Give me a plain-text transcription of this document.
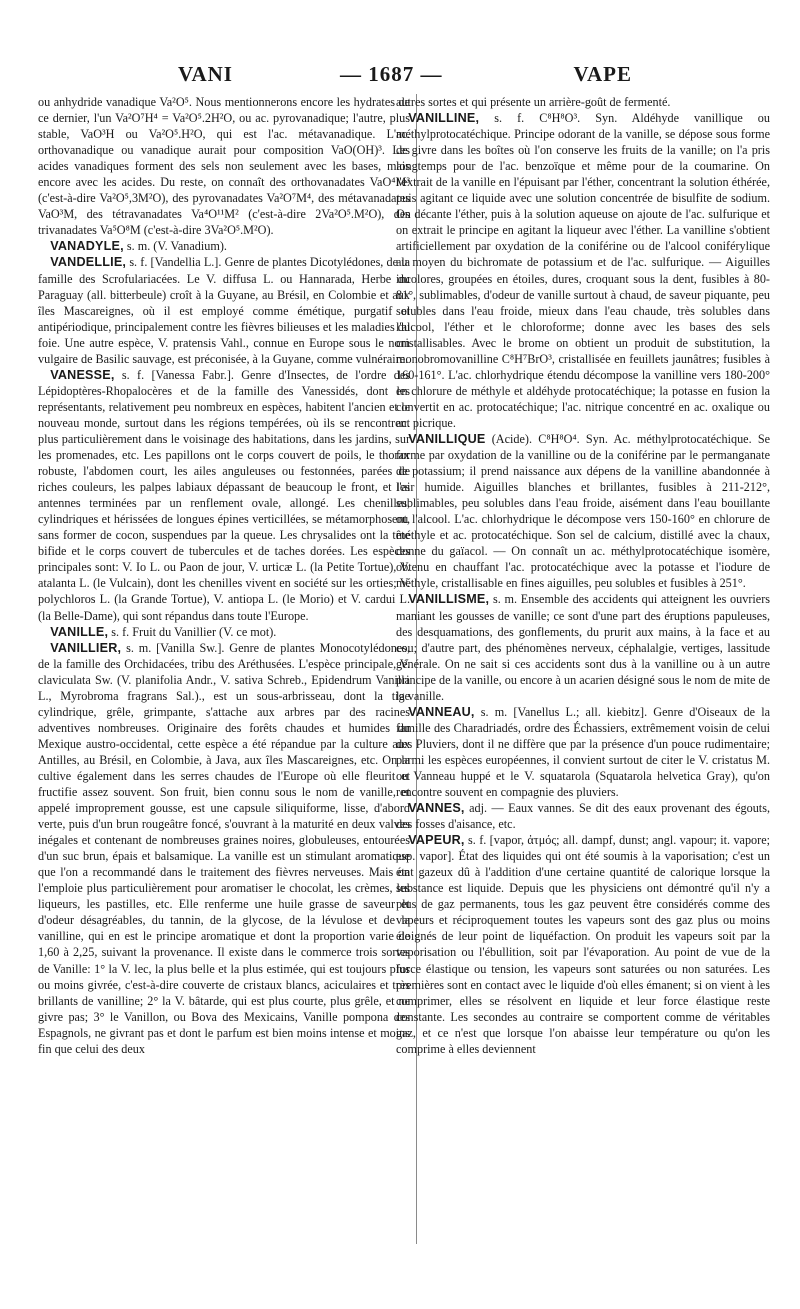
VANI	— 1687 —	VAPE

ou anhydride vanadique Va²O⁵. Nous mentionnerons encore les hydrates de ce dernier, l'un Va²O⁷H⁴ = Va²O⁵.2H²O, ou ac. pyrovanadique; l'autre, plus stable, VaO³H ou Va²O⁵.H²O, qui est l'ac. métavanadique. L'ac. orthovanadique ou vanadique aurait pour composition VaO(OH)³. Les acides vanadiques forment des sels non seulement avec les bases, mais encore avec les acides. Du reste, on connaît des orthovanadates VaO⁴M³ (c'est-à-dire Va²O⁵,3M²O), des pyrovanadates Va²O⁷M⁴, des métavanadates VaO³M, des tétravanadates Va⁴O¹¹M² (c'est-à-dire 2Va²O⁵.M²O), des trivanadates Va⁵O⁸M (c'est-à-dire 3Va²O⁵.M²O).

 VANADYLE, s. m. (V. Vanadium).

 VANDELLIE, s. f. [Vandellia L.]. Genre de plantes Dicotylédones, de la famille des Scrofulariacées. Le V. diffusa L. ou Hannarada, Herbe du Paraguay (all. bitterbeule) croît à la Guyane, au Brésil, en Colombie et aux îles Mascareignes, où il est employé comme émétique, purgatif et antipériodique, principalement contre les fièvres bilieuses et les maladies du foie. Une autre espèce, V. pratensis Vahl., connue en Europe sous le nom vulgaire de Basilic sauvage, est préconisée, à la Guyane, comme vulnéraire.

 VANESSE, s. f. [Vanessa Fabr.]. Genre d'Insectes, de l'ordre des Lépidoptères-Rhopalocères et de la famille des Vanessidés, dont les représentants, relativement peu nombreux en espèces, habitent l'ancien et le nouveau monde, surtout dans les régions tempérées, où ils se rencontrent plus particulièrement dans le voisinage des habitations, dans les jardins, sur les promenades, etc. Les papillons ont le corps couvert de poils, le thorax robuste, l'abdomen court, les ailes anguleuses ou festonnées, parées de riches couleurs, les palpes labiaux dépassant de beaucoup le front, et les antennes terminées par un renflement ovale, allongé. Les chenilles, cylindriques et hérissées de longues épines verticillées, se métamorphosent, sans former de cocon, suspendues par la queue. Les chrysalides ont la tête bifide et le corps couvert de tubercules et de taches dorées. Les espèces principales sont: V. Io L. ou Paon de jour, V. urticæ L. (la Petite Tortue), V. atalanta L. (le Vulcain), dont les chenilles vivent en société sur les orties; V. polychloros L. (la Grande Tortue), V. antiopa L. (le Morio) et V. cardui L. (la Belle-Dame), qui sont répandus dans toute l'Europe.

 VANILLE, s. f. Fruit du Vanillier (V. ce mot).

 VANILLIER, s. m. [Vanilla Sw.]. Genre de plantes Monocotylédones, de la famille des Orchidacées, tribu des Aréthusées. L'espèce principale, V. claviculata Sw. (V. planifolia Andr., V. sativa Schreb., Epidendrum Vanilla L., Myrobroma fragrans Sal.)., est un sous-arbrisseau, dont la tige cylindrique, grêle, grimpante, s'attache aux arbres par des racines adventives nombreuses. Originaire des forêts chaudes et humides du Mexique austro-occidental, cette espèce a été répandue par la culture aux Antilles, au Brésil, en Colombie, à Java, aux îles Mascareignes, etc. On la cultive également dans les serres chaudes de l'Europe où elle fleurit et fructifie assez souvent. Son fruit, bien connu sous le nom de vanille, et appelé improprement gousse, est une capsule siliquiforme, lisse, d'abord verte, puis d'un brun rougeâtre foncé, s'ouvrant à la maturité en deux valves inégales et contenant de nombreuses graines noires, globuleuses, entourées d'un suc brun, épais et balsamique. La vanille est un stimulant aromatique que l'on a recommandé dans le traitement des fièvres nerveuses. Mais on l'emploie plus particulièrement pour aromatiser le chocolat, les crèmes, les liqueurs, les pastilles, etc. Elle renferme une huile grasse de saveur et d'odeur désagréables, du tannin, de la glycose, de la lévulose et de la vanilline, qui en est le principe aromatique et dont la proportion varie de 1,60 à 2,25, suivant la provenance. Il existe dans le commerce trois sortes de Vanille: 1° la V. lec, la plus belle et la plus estimée, qui est toujours plus ou moins givrée, c'est-à-dire couverte de cristaux blancs, aciculaires et très brillants de vanilline; 2° la V. bâtarde, qui est plus courte, plus grêle, et ne givre pas; 3° le Vanillon, ou Bova des Mexicains, Vanille pompona des Espagnols, ne givrant pas et dont le parfum est bien moins intense et moins fin que celui des deux

autres sortes et qui présente un arrière-goût de fermenté.

 VANILLINE, s. f. C⁸H⁸O³. Syn. Aldéhyde vanillique ou méthylprotocatéchique. Principe odorant de la vanille, se dépose sous forme de givre dans les boîtes où l'on conserve les fruits de la vanille; on l'a pris longtemps pour de l'ac. benzoïque et même pour de la coumarine. On l'extrait de la vanille en l'épuisant par l'éther, concentrant la solution éthérée, puis agitant ce liquide avec une solution concentrée de bisulfite de sodium. On décante l'éther, puis à la solution aqueuse on ajoute de l'ac. sulfurique et on extrait le principe en agitant la liqueur avec l'éther. La vanilline s'obtient artificiellement par oxydation de la coniférine ou de l'alcool coniférylique au moyen du bichromate de potassium et de l'ac. sulfurique. — Aiguilles incolores, groupées en étoiles, dures, croquant sous la dent, fusibles à 80-81°, sublimables, d'odeur de vanille surtout à chaud, de saveur piquante, peu solubles dans l'eau froide, mieux dans l'eau chaude, très solubles dans l'alcool, l'éther et le chloroforme; donne avec les bases des sels cristallisables. Avec le brome on obtient un produit de substitution, la monobromovanilline C⁸H⁷BrO³, cristallisée en feuillets jaunâtres; fusibles à 160-161°. L'ac. chlorhydrique étendu décompose la vanilline vers 180-200° en chlorure de méthyle et aldéhyde protocatéchique; la potasse en fusion la convertit en ac. protocatéchique; l'ac. nitrique concentré en ac. oxalique ou ac. picrique.

 VANILLIQUE (Acide). C⁸H⁸O⁴. Syn. Ac. méthylprotocatéchique. Se forme par oxydation de la vanilline ou de la coniférine par le permanganate de potassium; il prend naissance aux dépens de la vanilline abandonnée à l'air humide. Aiguilles blanches et brillantes, fusibles à 211-212°, sublimables, peu solubles dans l'eau froide, aisément dans l'eau bouillante ou l'alcool. L'ac. chlorhydrique le décompose vers 150-160° en chlorure de méthyle et ac. protocatéchique. Son sel de calcium, distillé avec la chaux, donne du gaïacol. — On connaît un ac. méthylprotocatéchique isomère, obtenu en chauffant l'ac. protocatéchique avec la potasse et l'iodure de méthyle, cristallisable en fines aiguilles, peu solubles et fusibles à 251°.

 VANILLISME, s. m. Ensemble des accidents qui atteignent les ouvriers maniant les gousses de vanille; ce sont d'une part des éruptions papuleuses, des desquamations, des gonflements, du prurit aux mains, à la face et au cou; d'autre part, des phénomènes nerveux, céphalalgie, vertiges, lassitude générale. On ne sait si ces accidents sont dus à la vanilline ou à un autre principe de la vanille, ou encore à un acarien désigné sous le nom de mite de la vanille.

 VANNEAU, s. m. [Vanellus L.; all. kiebitz]. Genre d'Oiseaux de la famille des Charadriadés, ordre des Échassiers, extrêmement voisin de celui des Pluviers, dont il ne diffère que par la présence d'un pouce rudimentaire; parmi les espèces européennes, il convient surtout de citer le V. cristatus M. ou Vanneau huppé et le V. squatarola (Squatarola helvetica Gray), qu'on rencontre souvent en compagnie des pluviers.

 VANNES, adj. — Eaux vannes. Se dit des eaux provenant des égouts, des fosses d'aisance, etc.

 VAPEUR, s. f. [vapor, ἀτμός; all. dampf, dunst; angl. vapour; it. vapore; esp. vapor]. État des liquides qui ont été soumis à la vaporisation; c'est un état gazeux dû à l'addition d'une certaine quantité de calorique lorsque la substance est liquide. Depuis que les physiciens ont démontré qu'il n'y a plus de gaz permanents, tous les gaz peuvent être considérés comme des vapeurs et réciproquement toutes les vapeurs sont des gaz plus ou moins éloignés de leur point de liquéfaction. On produit les vapeurs soit par la vaporisation ou l'ébullition, soit par l'évaporation. Au point de vue de la force élastique ou tension, les vapeurs sont saturées ou non saturées. Les premières sont en contact avec le liquide d'où elles émanent; si on vient à les comprimer, elles se résolvent en liquide et leur force élastique reste constante. Les secondes au contraire se comportent comme de véritables gaz, et ce n'est que lorsque l'on abaisse leur température ou qu'on les comprime à elles deviennent
